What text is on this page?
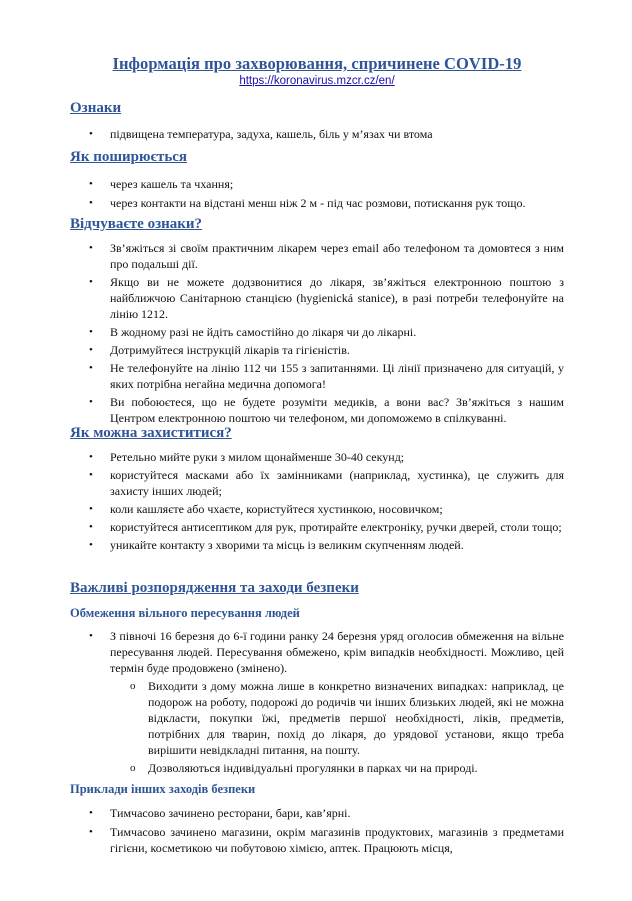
Інформація про захворювання, спричинене COVID-19
https://koronavirus.mzcr.cz/en/
Ознаки
• підвищена температура, задуха, кашель, біль у м’язах чи втома
Як поширюється
• через кашель та чхання;
• через контакти на відстані менш ніж 2 м - під час розмови, потискання рук тощо.
Відчуваєте ознаки?
• Зв’яжіться зі своїм практичним лікарем через email або телефоном та домовтеся з ним про подальші дії.
• Якщо ви не можете додзвонитися до лікаря, зв’яжіться електронною поштою з найближчою Санітарною станцією (hygienická stanice), в разі потреби телефонуйте на лінію 1212.
• В жодному разі не йдіть самостійно до лікаря чи до лікарні.
• Дотримуйтеся інструкцій лікарів та гігієністів.
• Не телефонуйте на лінію 112 чи 155 з запитаннями. Ці лінії призначено для ситуацій, у яких потрібна негайна медична допомога!
• Ви побоюєтеся, що не будете розуміти медиків, а вони вас? Зв’яжіться з нашим Центром електронною поштою чи телефоном, ми допоможемо в спілкуванні.
Як можна захиститися?
• Ретельно мийте руки з милом щонайменше 30-40 секунд;
• користуйтеся масками або їх замінниками (наприклад, хустинка), це служить для захисту інших людей;
• коли кашляєте або чхаєте, користуйтеся хустинкою, носовичком;
• користуйтеся антисептиком для рук, протирайте електроніку, ручки дверей, столи тощо;
• уникайте контакту з хворими та місць із великим скупченням людей.
Важливі розпорядження та заходи безпеки
Обмеження вільного пересування людей
• З півночі 16 березня до 6-ї години ранку 24 березня уряд оголосив обмеження на вільне пересування людей. Пересування обмежено, крім випадків необхідності. Можливо, цей термін буде продовжено (змінено).
o Виходити з дому можна лише в конкретно визначених випадках: наприклад, це подорож на роботу, подорожі до родичів чи інших близьких людей, які не можна відкласти, покупки їжі, предметів першої необхідності, ліків, предметів, потрібних для тварин, похід до лікаря, до урядової установи, якщо треба вирішити невідкладні питання, на пошту.
o Дозволяються індивідуальні прогулянки в парках чи на природі.
Приклади інших заходів безпеки
• Тимчасово зачинено ресторани, бари, кав’ярні.
• Тимчасово зачинено магазини, окрім магазинів продуктових, магазинів з предметами гігієни, косметикою чи побутовою хімією, аптек. Працюють місця,
